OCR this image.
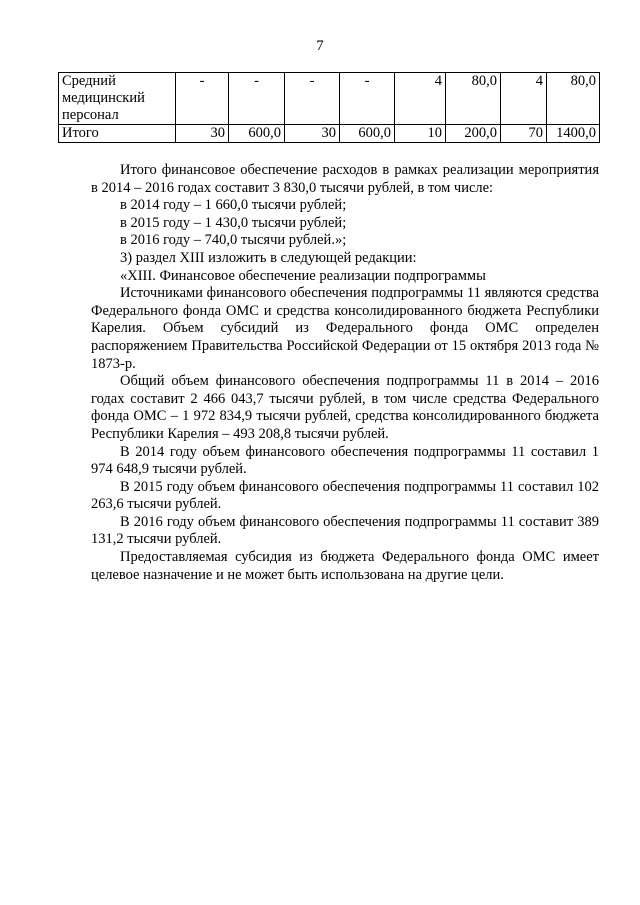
7
Средний
медицинский
персонал	-	-	-	-	4	80,0	4	80,0

Итого	30	600,0	30	600,0	10	200,0	70	1400,0

Итого финансовое обеспечение расходов в рамках реализации мероприятия в 2014 – 2016 годах составит 3 830,0 тысячи рублей, в том числе:

в 2014 году – 1 660,0 тысячи рублей;

в 2015 году – 1 430,0 тысячи рублей;

в 2016 году – 740,0 тысячи рублей.»;

3) раздел XIII изложить в следующей редакции:

«XIII. Финансовое обеспечение реализации подпрограммы

Источниками финансового обеспечения подпрограммы 11 являются средства Федерального фонда ОМС и средства консолидированного бюджета Республики Карелия. Объем субсидий из Федерального фонда ОМС определен распоряжением Правительства Российской Федерации от 15 октября 2013 года № 1873-р.

Общий объем финансового обеспечения подпрограммы 11 в 2014 – 2016 годах составит 2 466 043,7 тысячи рублей, в том числе средства Федерального фонда ОМС – 1 972 834,9 тысячи рублей, средства консолидированного бюджета Республики Карелия – 493 208,8 тысячи рублей.

В 2014 году объем финансового обеспечения подпрограммы 11 составил 1 974 648,9 тысячи рублей.

В 2015 году объем финансового обеспечения подпрограммы 11 составил 102 263,6 тысячи рублей.

В 2016 году объем финансового обеспечения подпрограммы 11 составит 389 131,2 тысячи рублей.

Предоставляемая субсидия из бюджета Федерального фонда ОМС имеет целевое назначение и не может быть использована на другие цели.
